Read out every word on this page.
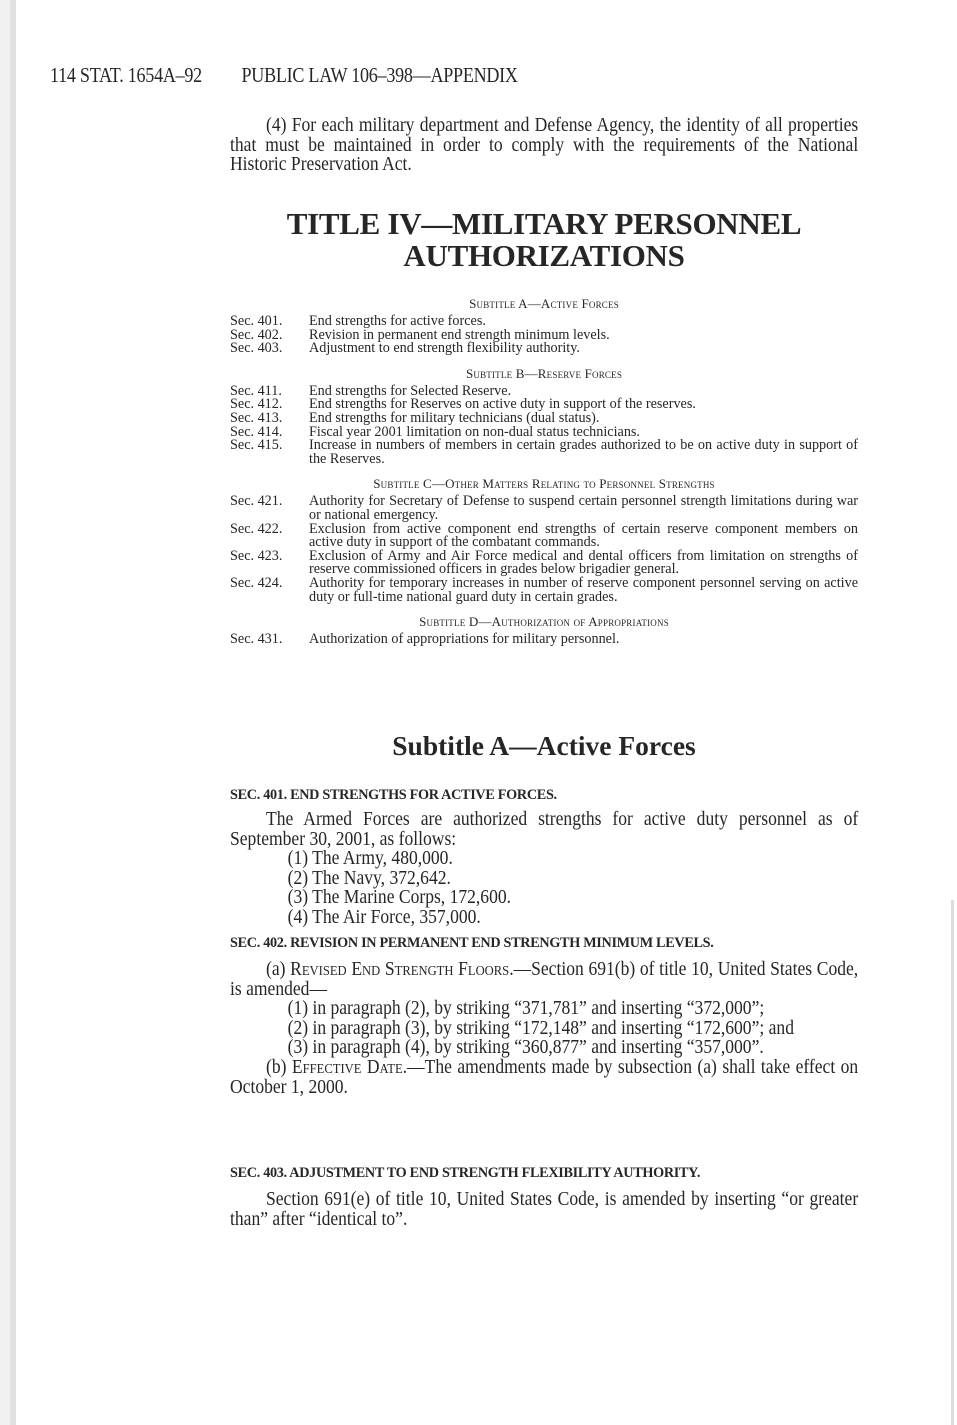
114 STAT. 1654A–92 PUBLIC LAW 106–398—APPENDIX

(4) For each military department and Defense Agency, the identity of all properties that must be maintained in order to comply with the requirements of the National Historic Preservation Act.

TITLE IV—MILITARY PERSONNEL
AUTHORIZATIONS

Subtitle A—Active Forces

Sec. 401.	End strengths for active forces.
Sec. 402.	Revision in permanent end strength minimum levels.
Sec. 403.	Adjustment to end strength flexibility authority.

Subtitle B—Reserve Forces

Sec. 411.	End strengths for Selected Reserve.
Sec. 412.	End strengths for Reserves on active duty in support of the reserves.
Sec. 413.	End strengths for military technicians (dual status).
Sec. 414.	Fiscal year 2001 limitation on non-dual status technicians.
Sec. 415.	Increase in numbers of members in certain grades authorized to be on active duty in support of the Reserves.

Subtitle C—Other Matters Relating to Personnel Strengths

Sec. 421.	Authority for Secretary of Defense to suspend certain personnel strength limitations during war or national emergency.
Sec. 422.	Exclusion from active component end strengths of certain reserve component members on active duty in support of the combatant commands.
Sec. 423.	Exclusion of Army and Air Force medical and dental officers from limitation on strengths of reserve commissioned officers in grades below brigadier general.
Sec. 424.	Authority for temporary increases in number of reserve component personnel serving on active duty or full-time national guard duty in certain grades.

Subtitle D—Authorization of Appropriations

Sec. 431.	Authorization of appropriations for military personnel.
Subtitle A—Active Forces

SEC. 401. END STRENGTHS FOR ACTIVE FORCES.

The Armed Forces are authorized strengths for active duty personnel as of September 30, 2001, as follows:

(1) The Army, 480,000.

(2) The Navy, 372,642.

(3) The Marine Corps, 172,600.

(4) The Air Force, 357,000.

SEC. 402. REVISION IN PERMANENT END STRENGTH MINIMUM LEVELS.

(a) Revised End Strength Floors.—Section 691(b) of title 10, United States Code, is amended—

(1) in paragraph (2), by striking “371,781” and inserting “372,000”;

(2) in paragraph (3), by striking “172,148” and inserting “172,600”; and

(3) in paragraph (4), by striking “360,877” and inserting “357,000”.

(b) Effective Date.—The amendments made by subsection (a) shall take effect on October 1, 2000.

SEC. 403. ADJUSTMENT TO END STRENGTH FLEXIBILITY AUTHORITY.

Section 691(e) of title 10, United States Code, is amended by inserting “or greater than” after “identical to”.
